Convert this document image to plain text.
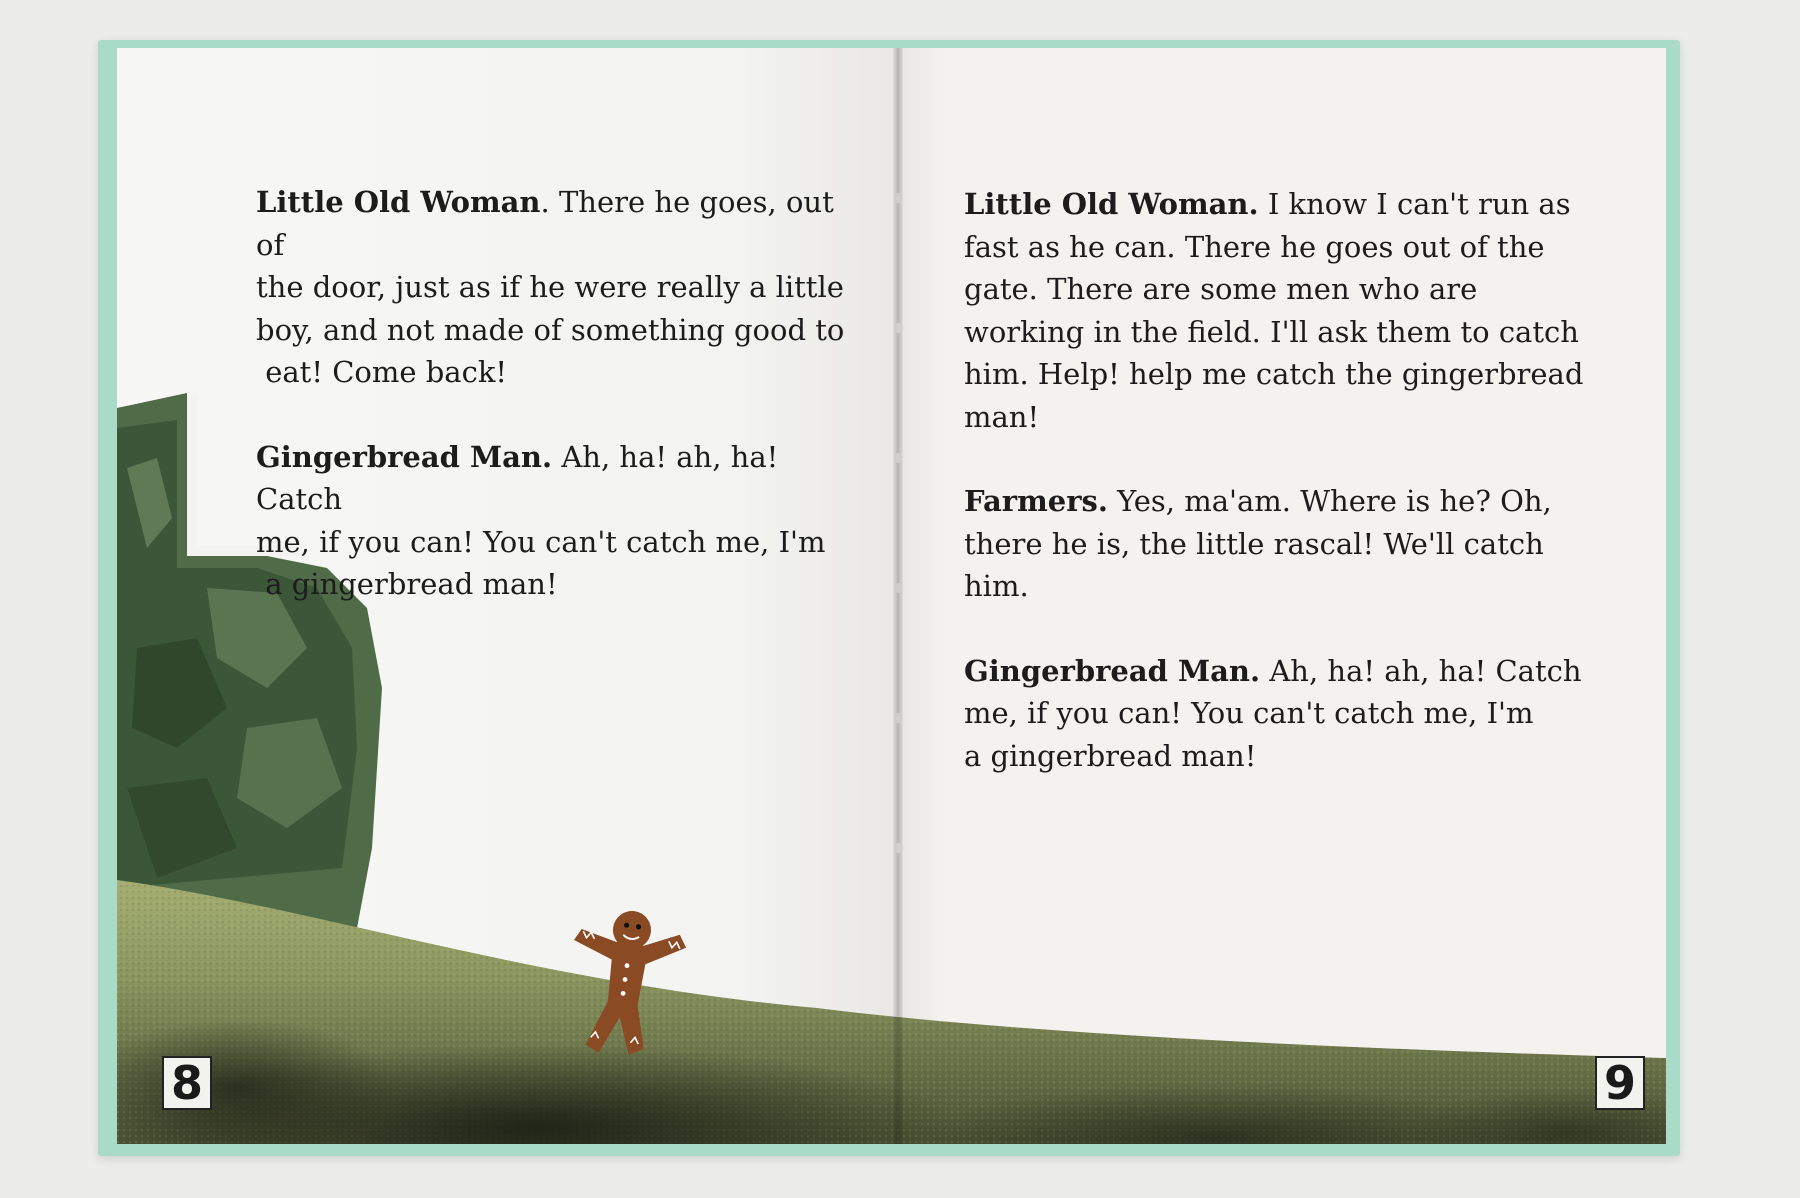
Little Old Woman. There he goes, out of
the door, just as if he were really a little
boy, and not made of something good to
eat! Come back!

Gingerbread Man. Ah, ha! ah, ha! Catch
me, if you can! You can't catch me, I'm
a gingerbread man!

Little Old Woman. I know I can't run as
fast as he can. There he goes out of the
gate. There are some men who are
working in the field. I'll ask them to catch
him. Help! help me catch the gingerbread
man!

Farmers. Yes, ma'am. Where is he? Oh,
there he is, the little rascal! We'll catch
him.

Gingerbread Man. Ah, ha! ah, ha! Catch
me, if you can! You can't catch me, I'm
a gingerbread man!

8	9
